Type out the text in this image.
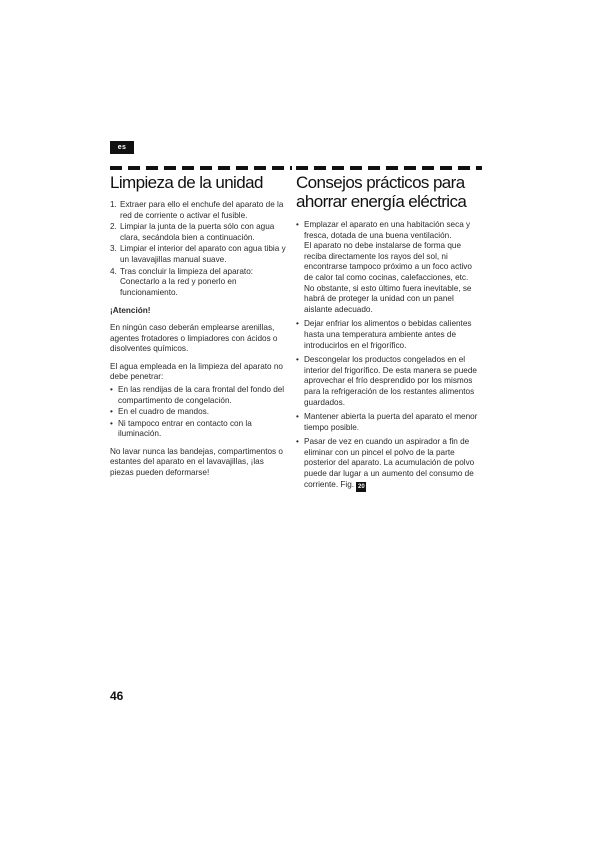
es
Limpieza de la unidad
1. Extraer para ello el enchufe del aparato de la red de corriente o activar el fusible.
2. Limpiar la junta de la puerta sólo con agua clara, secándola bien a continuación.
3. Limpiar el interior del aparato con agua tibia y un lavavajillas manual suave.
4. Tras concluir la limpieza del aparato: Conectarlo a la red y ponerlo en funcionamiento.
¡Atención!

En ningún caso deberán emplearse arenillas, agentes frotadores o limpiadores con ácidos o disolventes químicos.

El agua empleada en la limpieza del aparato no debe penetrar:

• En las rendijas de la cara frontal del fondo del compartimento de congelación.
• En el cuadro de mandos.
• Ni tampoco entrar en contacto con la iluminación.

No lavar nunca las bandejas, compartimentos o estantes del aparato en el lavavajillas, ¡las piezas pueden deformarse!

Consejos prácticos para ahorrar energía eléctrica
• Emplazar el aparato en una habitación seca y fresca, dotada de una buena ventilación.
El aparato no debe instalarse de forma que reciba directamente los rayos del sol, ni encontrarse tampoco próximo a un foco activo de calor tal como cocinas, calefacciones, etc.
No obstante, si esto último fuera inevitable, se habrá de proteger la unidad con un panel aislante adecuado.
• Dejar enfriar los alimentos o bebidas calientes hasta una temperatura ambiente antes de introducirlos en el frigorífico.
• Descongelar los productos congelados en el interior del frigorífico. De esta manera se puede aprovechar el frío desprendido por los mismos para la refrigeración de los restantes alimentos guardados.
• Mantener abierta la puerta del aparato el menor tiempo posible.
• Pasar de vez en cuando un aspirador a fin de eliminar con un pincel el polvo de la parte posterior del aparato. La acumulación de polvo puede dar lugar a un aumento del consumo de corriente. Fig. 20
46
